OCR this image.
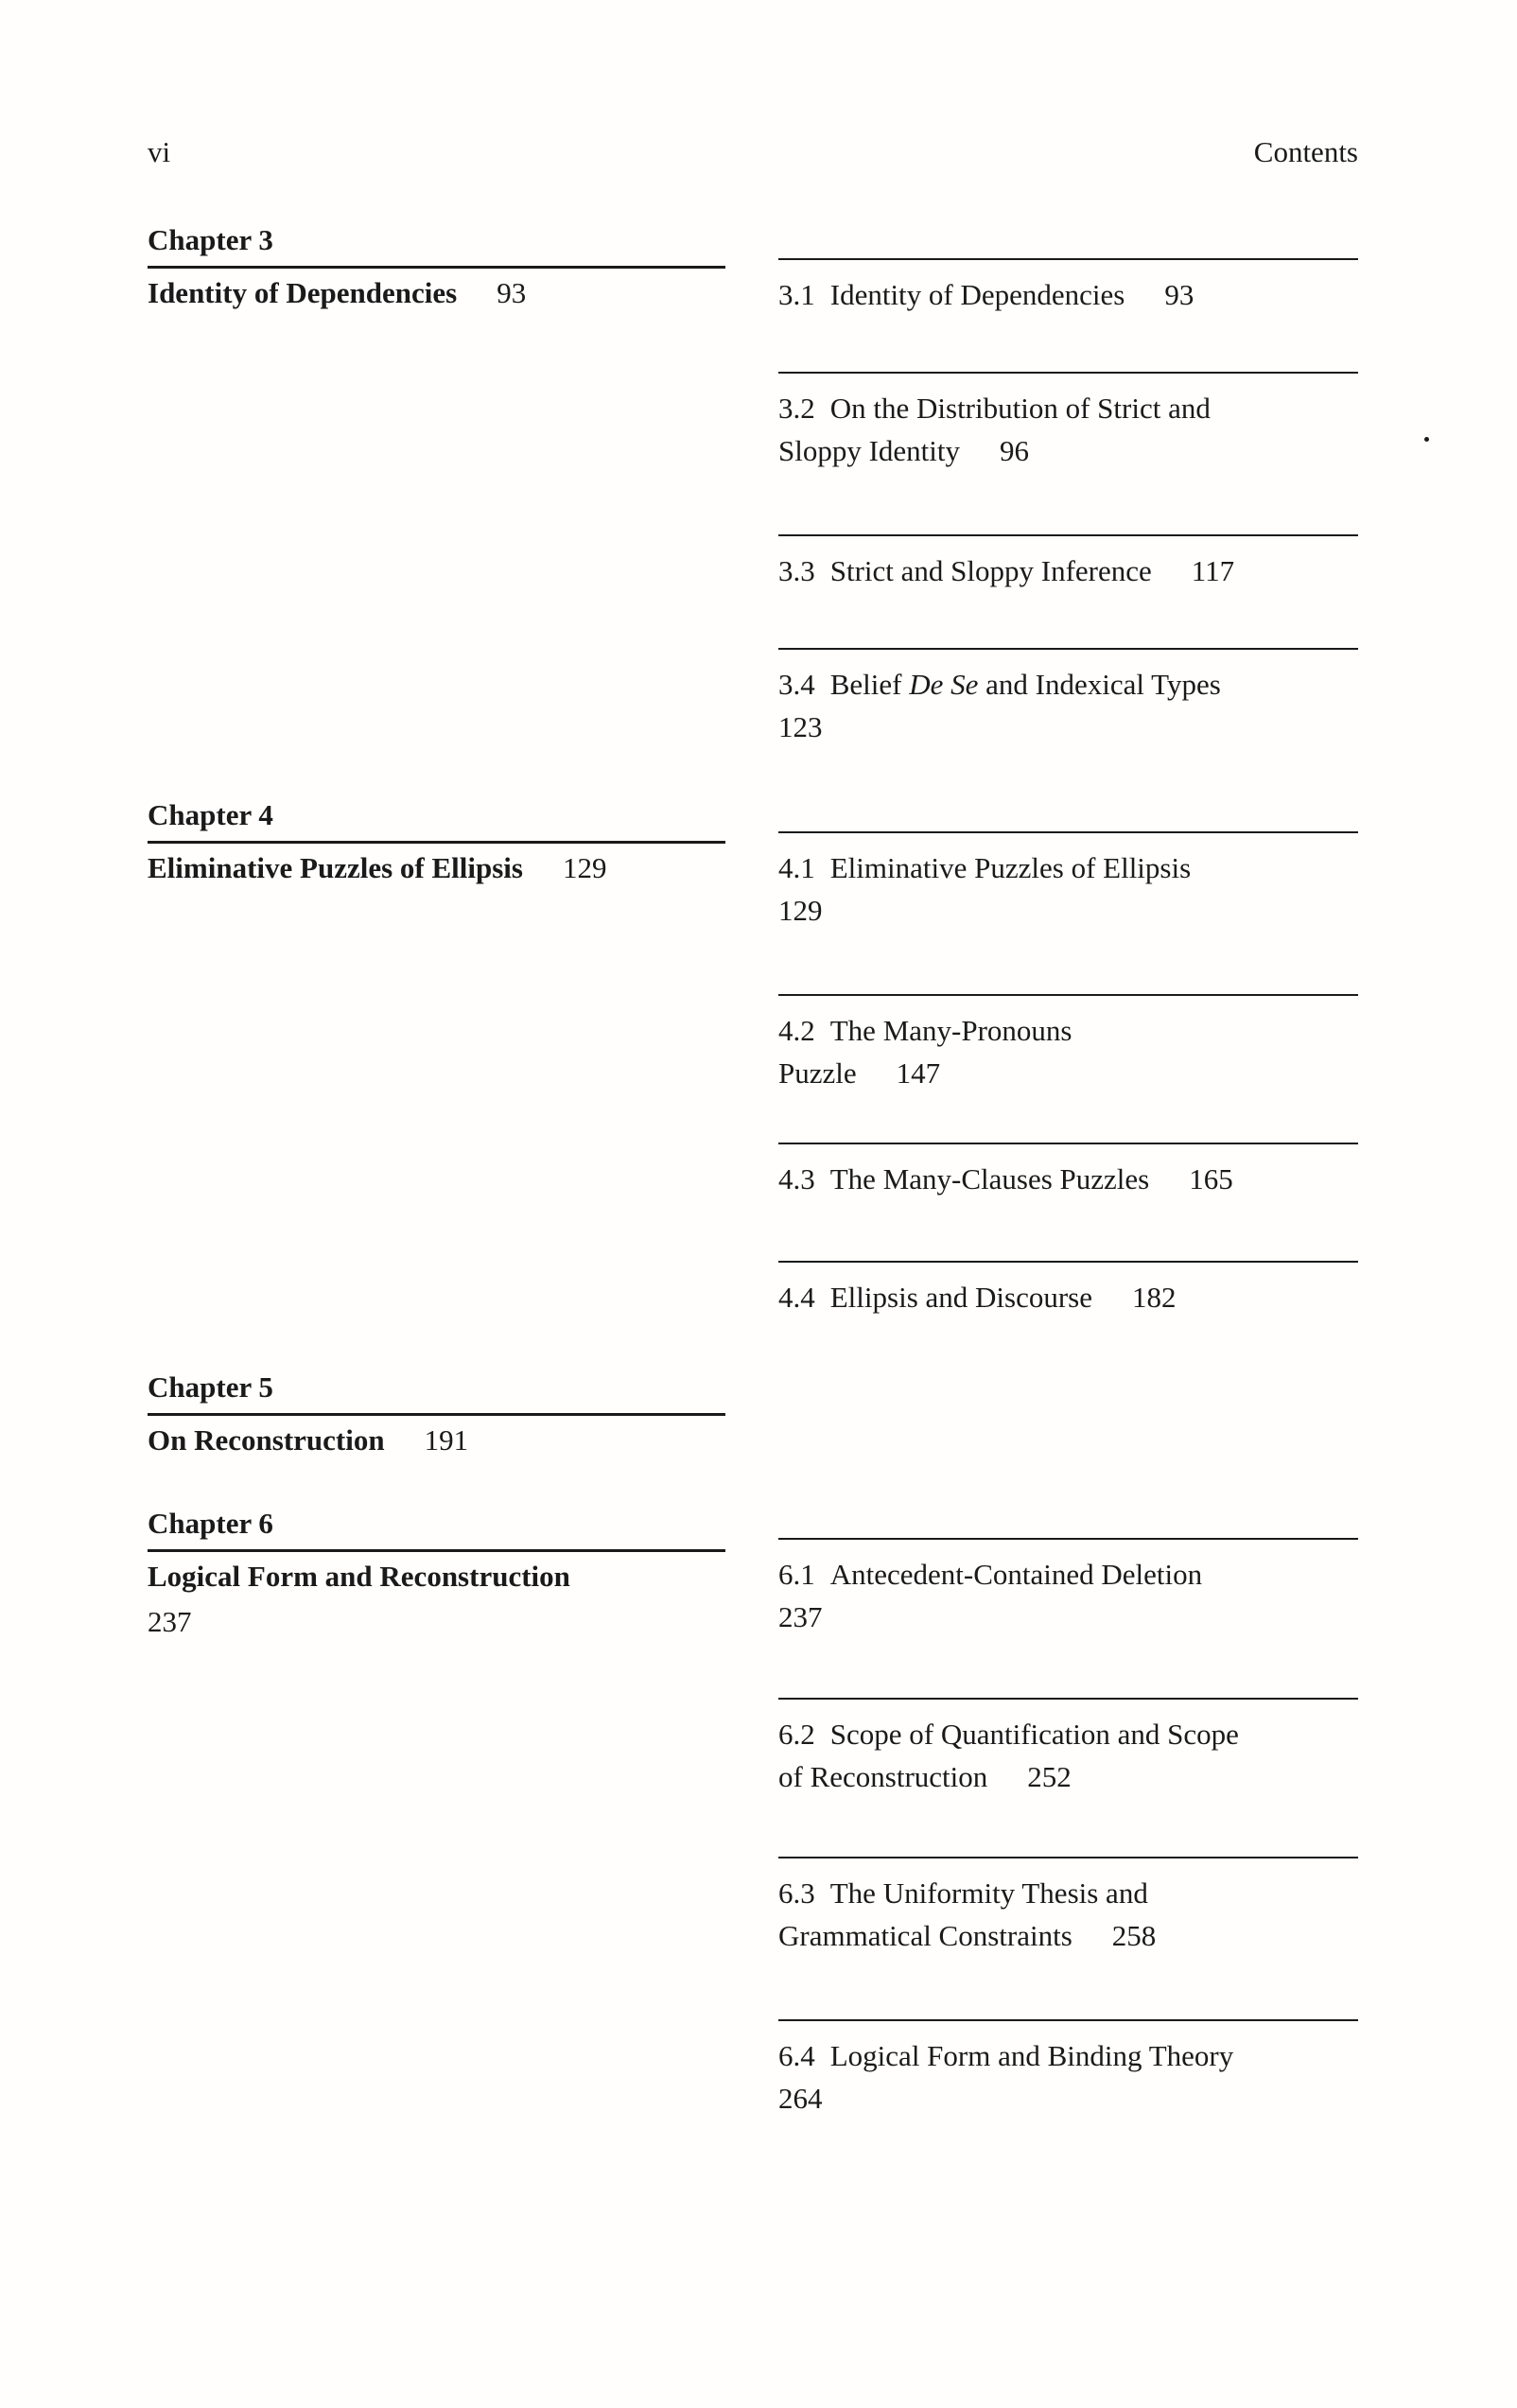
vi	Contents
Chapter 3
Identity of Dependencies 93
Chapter 4
Eliminative Puzzles of Ellipsis 129
Chapter 5
On Reconstruction 191
Chapter 6
Logical Form and Reconstruction
237
3.1 Identity of Dependencies 93
3.2 On the Distribution of Strict and
Sloppy Identity 96
3.3 Strict and Sloppy Inference 117
3.4 Belief De Se and Indexical Types
123
4.1 Eliminative Puzzles of Ellipsis
129
4.2 The Many-Pronouns
Puzzle 147
4.3 The Many-Clauses Puzzles 165
4.4 Ellipsis and Discourse 182
6.1 Antecedent-Contained Deletion
237
6.2 Scope of Quantification and Scope
of Reconstruction 252
6.3 The Uniformity Thesis and
Grammatical Constraints 258
6.4 Logical Form and Binding Theory
264
